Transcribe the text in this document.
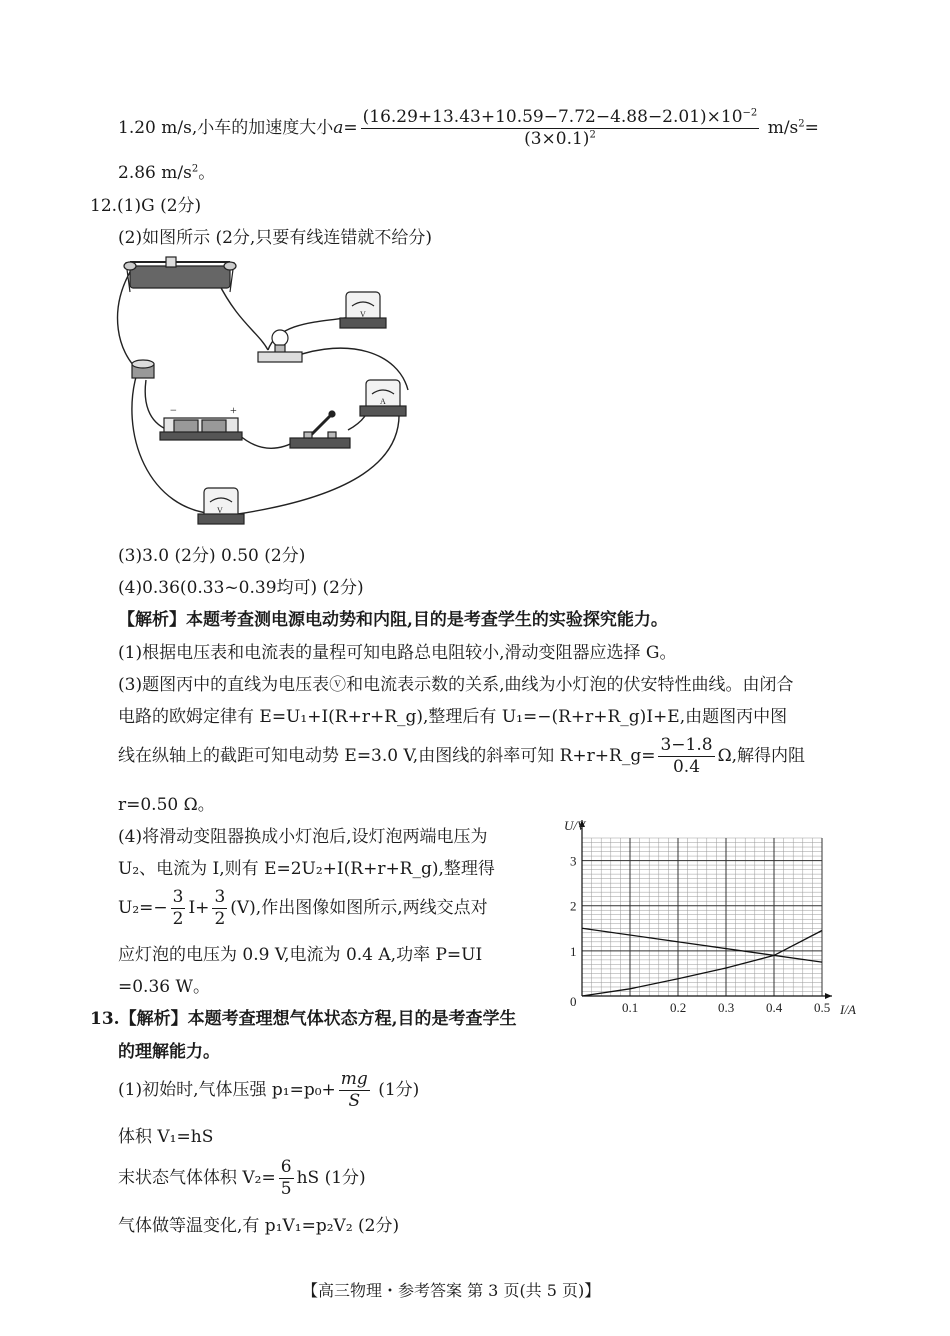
1.20 m/s,小车的加速度大小$a= \frac{(16.29+13.43+10.59-7.72-4.88-2.01)\times 10^{-2}}{(3\times 0.1)^2} m/s^2=$
2.86 $m/s^2$。
12.(1)G (2分)
(2)如图所示 (2分,只要有线连错就不给分)
V
A
−	+
V
(3)3.0 (2分) 0.50 (2分)
(4)0.36(0.33~0.39均可) (2分)
【解析】本题考查测电源电动势和内阻,目的是考查学生的实验探究能力。
(1)根据电压表和电流表的量程可知电路总电阻较小,滑动变阻器应选择 G。
(3)题图丙中的直线为电压表ⓥ和电流表示数的关系,曲线为小灯泡的伏安特性曲线。由闭合
电路的欧姆定律有 E=U₁+I(R+r+R_g),整理后有 U₁=−(R+r+R_g)I+E,由题图丙中图
线在纵轴上的截距可知电动势 E=3.0 V,由图线的斜率可知 R+r+R_g= $\frac{3-1.8}{0.4} \Omega$,解得内阻
r=0.50 Ω。
(4)将滑动变阻器换成小灯泡后,设灯泡两端电压为
U₂、电流为 I,则有 E=2U₂+I(R+r+R_g),整理得
$U_2=- \frac{3}{2} I+ \frac{3}{2} (V)$,作出图像如图所示,两线交点对
应灯泡的电压为 0.9 V,电流为 0.4 A,功率 P=UI
=0.36 W。
0.1 0.2 0.3 0.4 0.5
1
2
3
U/V
I/A
0
13.【解析】本题考查理想气体状态方程,目的是考查学生
的理解能力。
(1)初始时,气体压强 $p_1=p_0+ \frac{mg}{S} (1$分)
体积 V₁=hS
末状态气体体积 $V_2= \frac{6}{5}$ hS (1分)
气体做等温变化,有 p₁V₁=p₂V₂ (2分)
【高三物理・参考答案 第 3 页(共 5 页)】
